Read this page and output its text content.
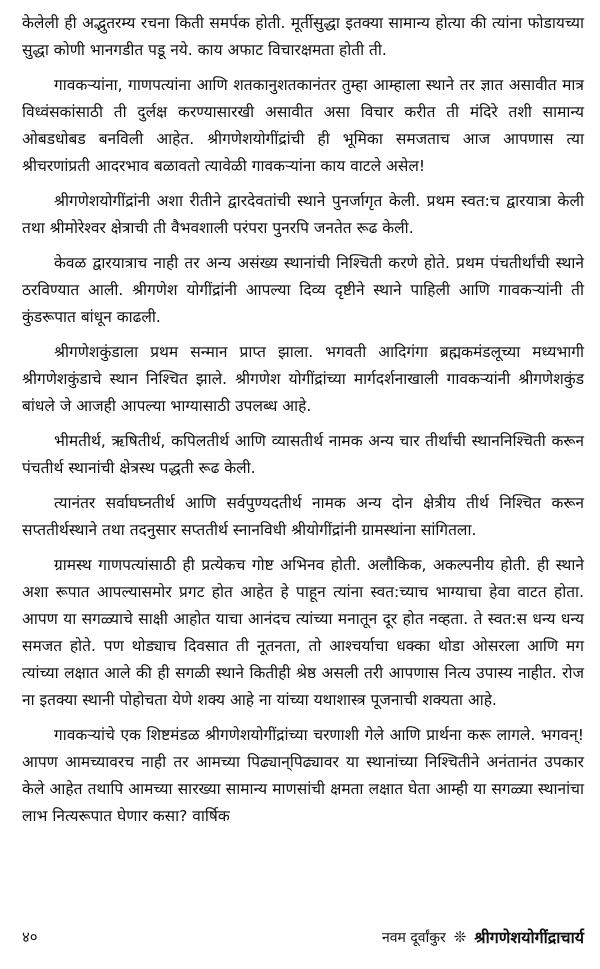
केलेली ही अद्भुतरम्य रचना किती समर्पक होती. मूर्तीसुद्धा इतक्या सामान्य होत्या की त्यांना फोडायच्या सुद्धा कोणी भानगडीत पडू नये. काय अफाट विचारक्षमता होती ती.

गावकऱ्यांना, गाणपत्यांना आणि शतकानुशतकानंतर तुम्हा आम्हाला स्थाने तर ज्ञात असावीत मात्र विध्वंसकांसाठी ती दुर्लक्ष करण्यासारखी असावीत असा विचार करीत ती मंदिरे तशी सामान्य ओबडधोबड बनविली आहेत. श्रीगणेशयोगींद्रांची ही भूमिका समजताच आज आपणास त्या श्रीचरणांप्रती आदरभाव बळावतो त्यावेळी गावकऱ्यांना काय वाटले असेल!

श्रीगणेशयोगींद्रांनी अशा रीतीने द्वारदेवतांची स्थाने पुनर्जागृत केली. प्रथम स्वत:च द्वारयात्रा केली तथा श्रीमोरेश्वर क्षेत्राची ती वैभवशाली परंपरा पुनरपि जनतेत रूढ केली.

केवळ द्वारयात्राच नाही तर अन्य असंख्य स्थानांची निश्चिती करणे होते. प्रथम पंचतीर्थांची स्थाने ठरविण्यात आली. श्रीगणेश योगींद्रांनी आपल्या दिव्य दृष्टीने स्थाने पाहिली आणि गावकऱ्यांनी ती कुंडरूपात बांधून काढली.

श्रीगणेशकुंडाला प्रथम सन्मान प्राप्त झाला. भगवती आदिगंगा ब्रह्मकमंडलूच्या मध्यभागी श्रीगणेशकुंडाचे स्थान निश्चित झाले. श्रीगणेश योगींद्रांच्या मार्गदर्शनाखाली गावकऱ्यांनी श्रीगणेशकुंड बांधले जे आजही आपल्या भाग्यासाठी उपलब्ध आहे.

भीमतीर्थ, ऋषितीर्थ, कपिलतीर्थ आणि व्यासतीर्थ नामक अन्य चार तीर्थांची स्थाननिश्चिती करून पंचतीर्थ स्थानांची क्षेत्रस्थ पद्धती रूढ केली.

त्यानंतर सर्वाघघ्नतीर्थ आणि सर्वपुण्यदतीर्थ नामक अन्य दोन क्षेत्रीय तीर्थ निश्चित करून सप्ततीर्थस्थाने तथा तदनुसार सप्ततीर्थ स्नानविधी श्रीयोगींद्रांनी ग्रामस्थांना सांगितला.

ग्रामस्थ गाणपत्यांसाठी ही प्रत्येकच गोष्ट अभिनव होती. अलौकिक, अकल्पनीय होती. ही स्थाने अशा रूपात आपल्यासमोर प्रगट होत आहेत हे पाहून त्यांना स्वत:च्याच भाग्याचा हेवा वाटत होता. आपण या सगळ्याचे साक्षी आहोत याचा आनंदच त्यांच्या मनातून दूर होत नव्हता. ते स्वत:स धन्य धन्य समजत होते. पण थोड्याच दिवसात ती नूतनता, तो आश्चर्याचा धक्का थोडा ओसरला आणि मग त्यांच्या लक्षात आले की ही सगळी स्थाने कितीही श्रेष्ठ असली तरी आपणास नित्य उपास्य नाहीत. रोज ना इतक्या स्थानी पोहोचता येणे शक्य आहे ना यांच्या यथाशास्त्र पूजनाची शक्यता आहे.

गावकऱ्यांचे एक शिष्टमंडळ श्रीगणेशयोगींद्रांच्या चरणाशी गेले आणि प्रार्थना करू लागले. भगवन्! आपण आमच्यावरच नाही तर आमच्या पिढ्यान्‌पिढ्यावर या स्थानांच्या निश्चितीने अनंतानंत उपकार केले आहेत तथापि आमच्या सारख्या सामान्य माणसांची क्षमता लक्षात घेता आम्ही या सगळ्या स्थानांचा लाभ नित्यरूपात घेणार कसा? वार्षिक

४०	नवम दूर्वांकुर ❊ श्रीगणेशयोगींद्राचार्य
